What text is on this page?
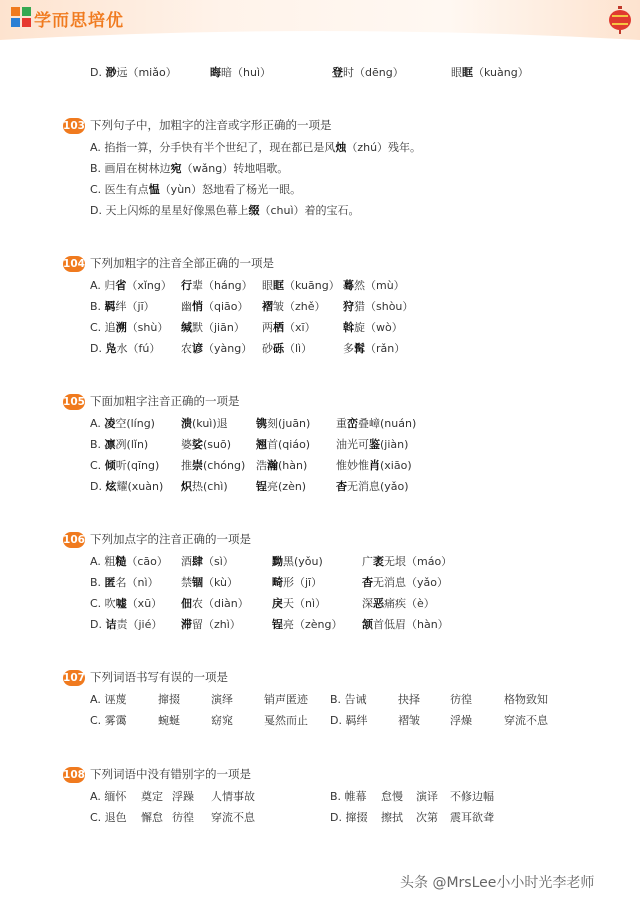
学而思培优
D. 渺远（miǎo）	晦暗（huì）	登时（dēng）	眼眶（kuàng）
103 下列句子中，加粗字的注音或字形正确的一项是
A. 掐指一算，分手快有半个世纪了，现在都已是风烛（zhú）残年。
B. 画眉在树林边宛（wǎng）转地唱歌。
C. 医生有点愠（yùn）怒地看了杨光一眼。
D. 天上闪烁的星星好像黑色幕上缀（chuì）着的宝石。
104 下列加粗字的注音全部正确的一项是
A. 归省（xǐng） 行辈（háng） 眼眶（kuāng） 蓦然（mù）
B. 羁绊（jī） 幽悄（qiāo） 褶皱（zhě） 狩猎（shòu）
C. 追溯（shù） 缄默（jiān） 两栖（xī） 斡旋（wò）
D. 凫水（fú） 农谚（yàng） 砂砾（lì）	多髯（rǎn）
105 下面加粗字注音正确的一项是
A. 凌空(líng) 溃(kuì)退	镌刻(juān) 重峦叠嶂(nuán)
B. 凛冽(lǐn)	婆娑(suō) 翘首(qiáo) 油光可鉴(jiàn)
C. 倾听(qīng) 推崇(chóng) 浩瀚(hàn)	惟妙惟肖(xiāo)
D. 炫耀(xuàn) 炽热(chì)	锃亮(zèn)	杳无消息(yǎo)
106 下列加点字的注音正确的一项是
A. 粗糙（cāo） 酒肆（sì）	黝黑(yǒu)	广袤无垠（máo）
B. 匿名（nì） 禁锢（kù）	畸形（jī）	杳无消息（yǎo）
C. 吹嘘（xū） 佃农（diàn） 戾天（nì）	深恶痛疾（è）
D. 诘责（jié） 滞留（zhì）	锃亮（zèng） 颔首低眉（hàn）
107 下列词语书写有误的一项是
A. 诬蔑	撺掇	演绎	销声匿迹 B. 告诫	抉择	彷徨	格物致知
C. 雾霭	蜿蜒	窈窕	戛然而止 D. 羁绊	褶皱	浮燥	穿流不息
108 下列词语中没有错别字的一项是
A. 缅怀 奠定 浮躁 人情事故	B. 帷幕 怠慢 演译 不修边幅
C. 退色 懈怠 彷徨 穿流不息	D. 撺掇 擦拭 次第 震耳欲聋
头条 @MrsLee小小时光李老师
